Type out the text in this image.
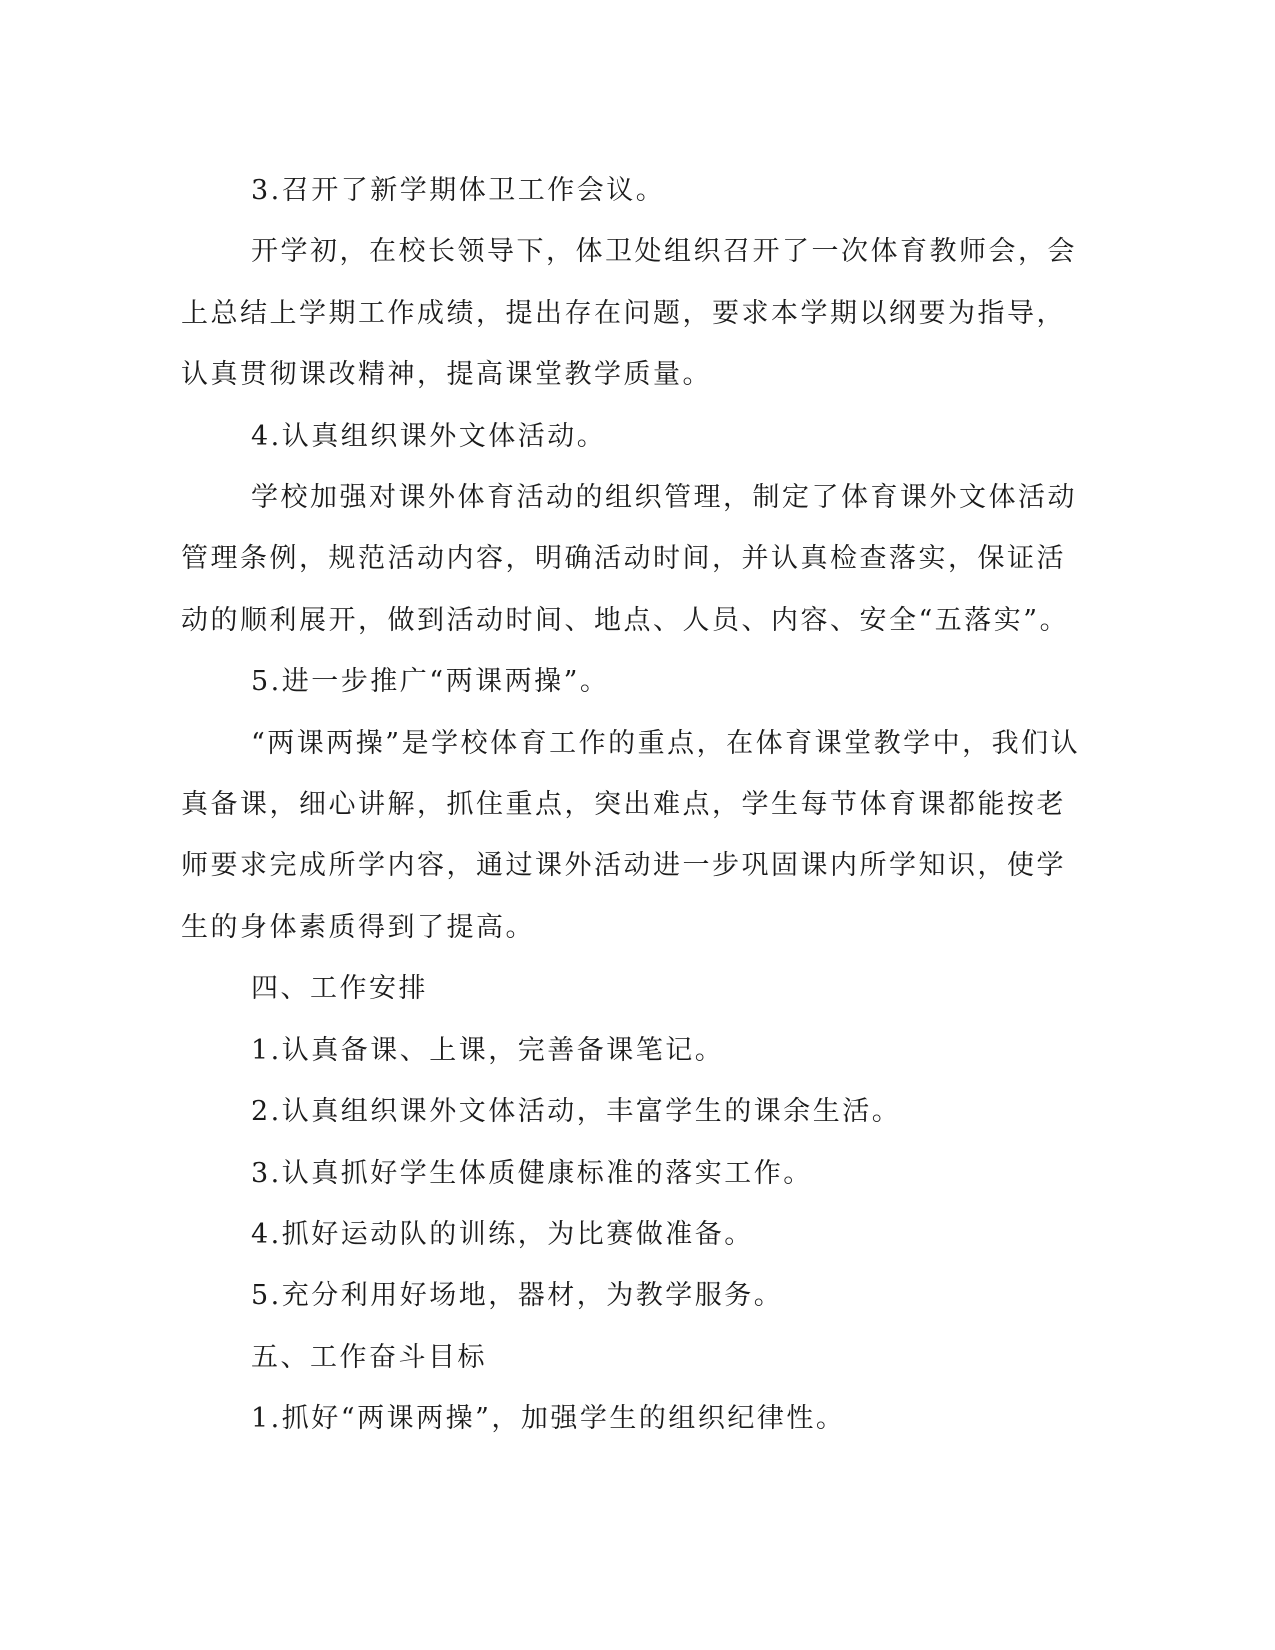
3.召开了新学期体卫工作会议。

开学初，在校长领导下，体卫处组织召开了一次体育教师会，会

上总结上学期工作成绩，提出存在问题，要求本学期以纲要为指导，

认真贯彻课改精神，提高课堂教学质量。

4.认真组织课外文体活动。

学校加强对课外体育活动的组织管理，制定了体育课外文体活动

管理条例，规范活动内容，明确活动时间，并认真检查落实，保证活

动的顺利展开，做到活动时间、地点、人员、内容、安全“五落实”。

5.进一步推广“两课两操”。

“两课两操”是学校体育工作的重点，在体育课堂教学中，我们认

真备课，细心讲解，抓住重点，突出难点，学生每节体育课都能按老

师要求完成所学内容，通过课外活动进一步巩固课内所学知识，使学

生的身体素质得到了提高。

四、工作安排

1.认真备课、上课，完善备课笔记。

2.认真组织课外文体活动，丰富学生的课余生活。

3.认真抓好学生体质健康标准的落实工作。

4.抓好运动队的训练，为比赛做准备。

5.充分利用好场地，器材，为教学服务。

五、工作奋斗目标

1.抓好“两课两操”，加强学生的组织纪律性。
